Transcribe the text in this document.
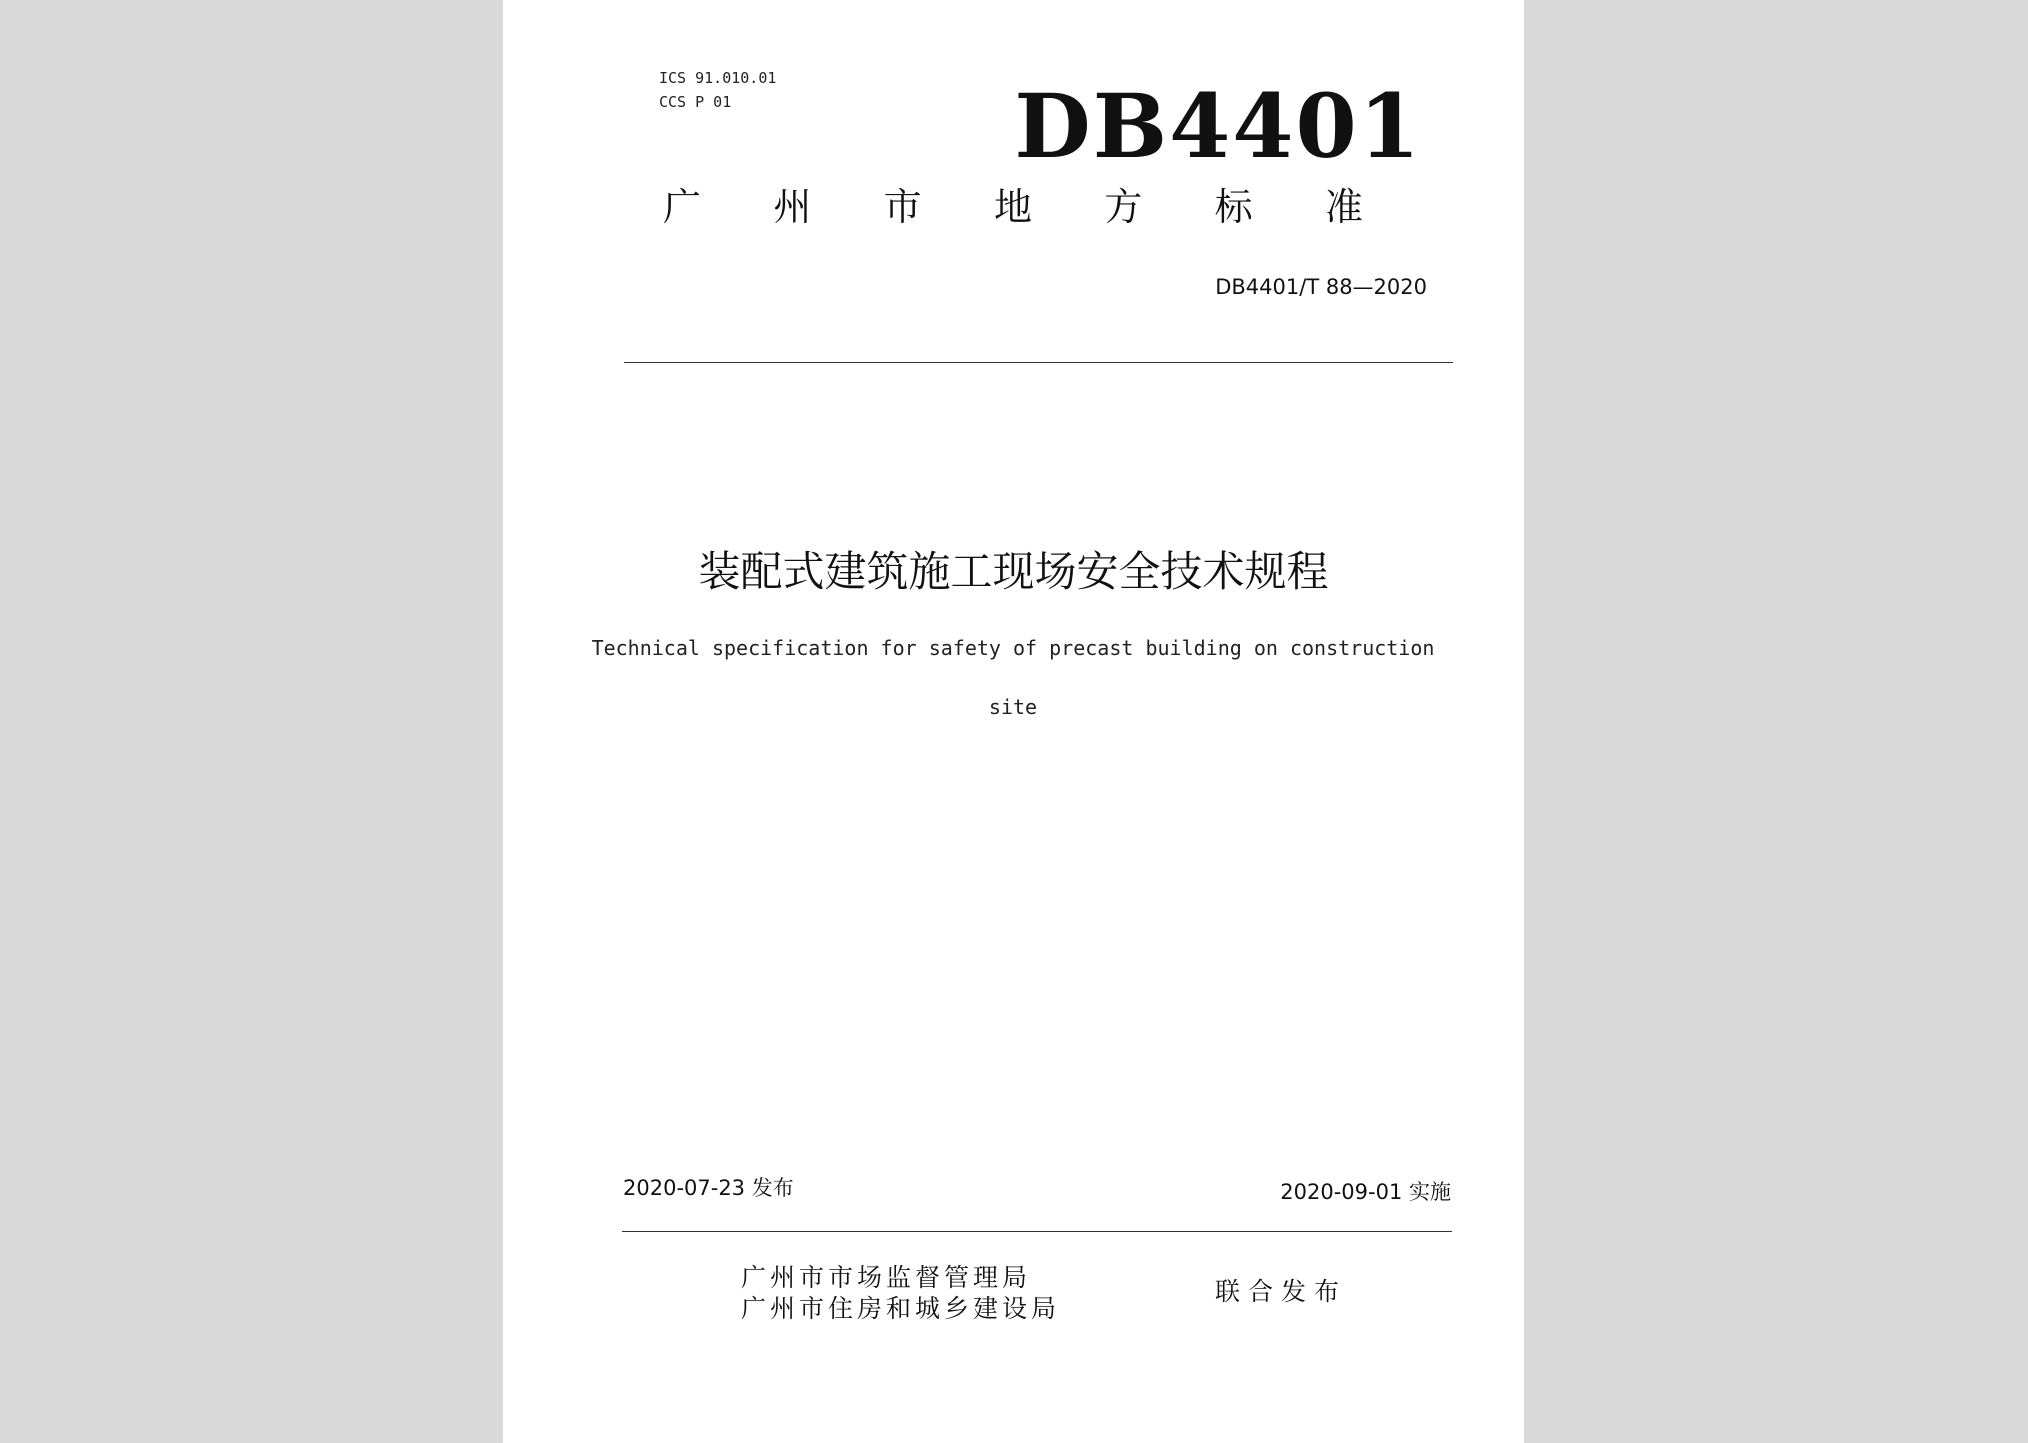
ICS 91.010.01
CCS P 01	DB4401
广 州 市 地 方 标 准
DB4401/T 88—2020
装配式建筑施工现场安全技术规程
Technical specification for safety of precast building on construction
site
2020-07-23 发布	2020-09-01 实施
广州市市场监督管理局
广州市住房和城乡建设局
联合发布
